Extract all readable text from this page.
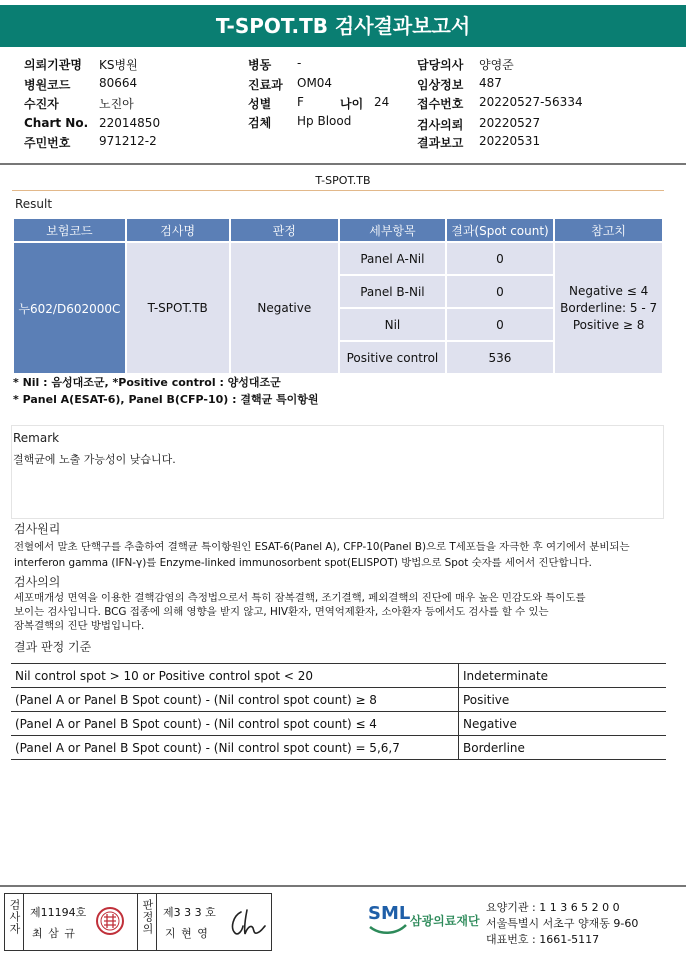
T-SPOT.TB 검사결과보고서
의뢰기관명 KS병원
병원코드 80664
수진자	노진아
Chart No. 22014850
주민번호 971212-2
병동 -
진료과 OM04
성별 F	나이 24
검체 Hp Blood
담당의사 양영준
임상정보 487
접수번호 20220527-56334
검사의뢰 20220527
결과보고 20220531
T-SPOT.TB
Result
보험코드	검사명	판정	세부항목	결과(Spot count)	참고치
누602/D602000C	T-SPOT.TB	Negative	Panel A-Nil	0	Negative ≤ 4
Borderline: 5 - 7
Positive ≥ 8

			Panel B-Nil	0	
			Nil	0	
			Positive control	536	
* Nil : 음성대조군, *Positive control : 양성대조군
* Panel A(ESAT-6), Panel B(CFP-10) : 결핵균 특이항원
Remark
결핵균에 노출 가능성이 낮습니다.
검사원리
전혈에서 말초 단핵구를 추출하여 결핵균 특이항원인 ESAT-6(Panel A), CFP-10(Panel B)으로 T세포들을 자극한 후 여기에서 분비되는
interferon gamma (IFN-γ)를 Enzyme-linked immunosorbent spot(ELISPOT) 방법으로 Spot 숫자를 세어서 진단합니다.
검사의의
세포매개성 면역을 이용한 결핵감염의 측정법으로서 특히 잠복결핵, 조기결핵, 페외결핵의 진단에 매우 높은 민감도와 특이도를
보이는 검사입니다. BCG 접종에 의해 영향을 받지 않고, HIV환자, 면역억제환자, 소아환자 등에서도 검사를 할 수 있는
잠복결핵의 진단 방법입니다.
결과 판정 기준
Nil control spot > 10 or Positive control spot < 20	Indeterminate
(Panel A or Panel B Spot count) - (Nil control spot count) ≥ 8	Positive
(Panel A or Panel B Spot count) - (Nil control spot count) ≤ 4	Negative
(Panel A or Panel B Spot count) - (Nil control spot count) = 5,6,7	Borderline
검사자 제11194호
최 삼 규	판정의 제3 3 3 호
지 현 영
SML 삼광의료재단
요양기관 : 1 1 3 6 5 2 0 0
서울특별시 서초구 양재동 9-60
대표번호 : 1661-5117
